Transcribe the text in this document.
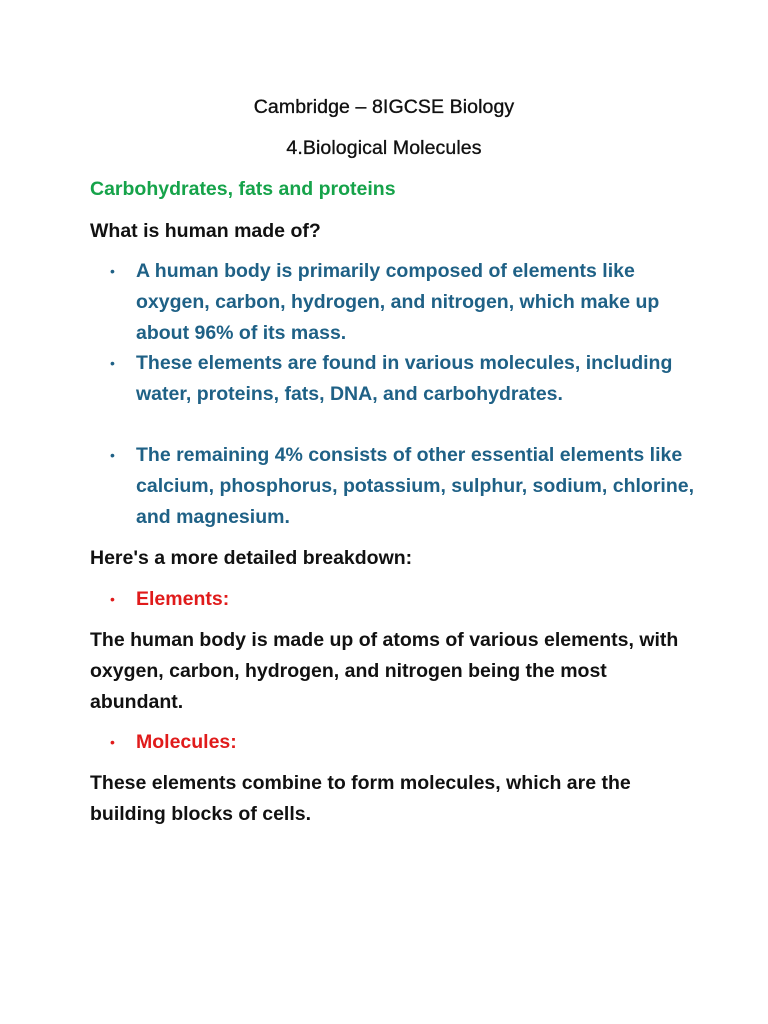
Cambridge – 8IGCSE Biology
4.Biological Molecules
Carbohydrates, fats and proteins
What is human made of?
• A human body is primarily composed of elements like oxygen, carbon, hydrogen, and nitrogen, which make up about 96% of its mass.
• These elements are found in various molecules, including water, proteins, fats, DNA, and carbohydrates.
• The remaining 4% consists of other essential elements like calcium, phosphorus, potassium, sulphur, sodium, chlorine, and magnesium.
Here's a more detailed breakdown:
• Elements:
The human body is made up of atoms of various elements, with oxygen, carbon, hydrogen, and nitrogen being the most abundant.
• Molecules:
These elements combine to form molecules, which are the building blocks of cells.
